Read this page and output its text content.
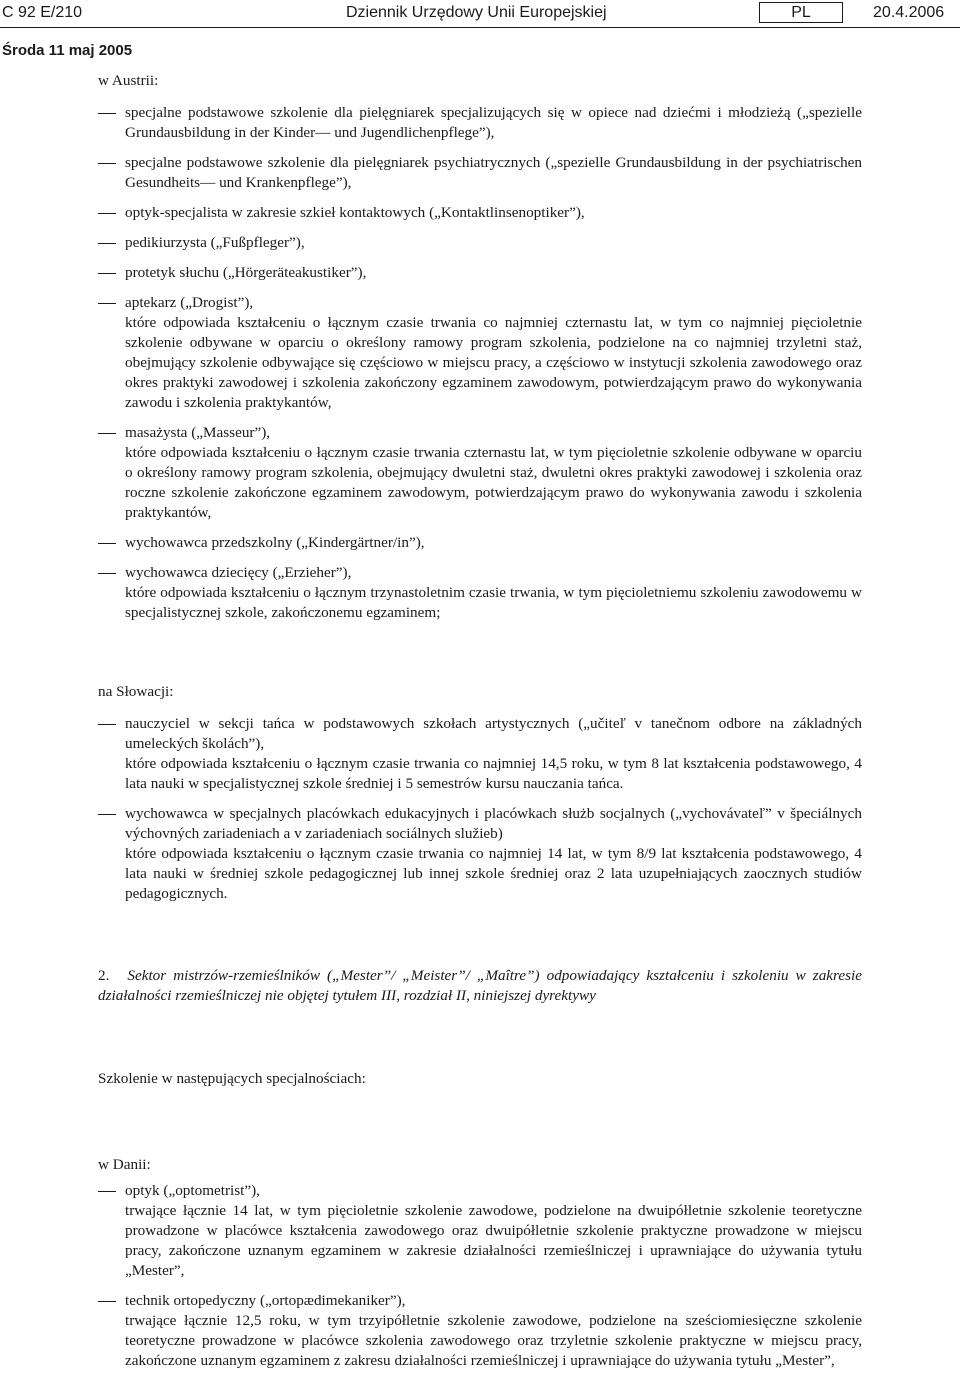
C 92 E/210	Dziennik Urzędowy Unii Europejskiej	PL	20.4.2006
Środa 11 maj 2005
w Austrii:
specjalne podstawowe szkolenie dla pielęgniarek specjalizujących się w opiece nad dziećmi i młodzieżą („spezielle Grundausbildung in der Kinder— und Jugendlichenpflege”),
specjalne podstawowe szkolenie dla pielęgniarek psychiatrycznych („spezielle Grundausbildung in der psychiatrischen Gesundheits— und Krankenpflege”),
optyk-specjalista w zakresie szkieł kontaktowych („Kontaktlinsenoptiker”),
pedikiurzysta („Fußpfleger”),
protetyk słuchu („Hörgeräteakustiker”),
aptekarz („Drogist”),
które odpowiada kształceniu o łącznym czasie trwania co najmniej czternastu lat, w tym co najmniej pięcioletnie szkolenie odbywane w oparciu o określony ramowy program szkolenia, podzielone na co najmniej trzyletni staż, obejmujący szkolenie odbywające się częściowo w miejscu pracy, a częściowo w instytucji szkolenia zawodowego oraz okres praktyki zawodowej i szkolenia zakończony egzaminem zawodowym, potwierdzającym prawo do wykonywania zawodu i szkolenia praktykantów,
masażysta („Masseur”),
które odpowiada kształceniu o łącznym czasie trwania czternastu lat, w tym pięcioletnie szkolenie odbywane w oparciu o określony ramowy program szkolenia, obejmujący dwuletni staż, dwuletni okres praktyki zawodowej i szkolenia oraz roczne szkolenie zakończone egzaminem zawodowym, potwierdzającym prawo do wykonywania zawodu i szkolenia praktykantów,
wychowawca przedszkolny („Kindergärtner/in”),
wychowawca dziecięcy („Erzieher”),
które odpowiada kształceniu o łącznym trzynastoletnim czasie trwania, w tym pięcioletniemu szkoleniu zawodowemu w specjalistycznej szkole, zakończonemu egzaminem;
na Słowacji:
nauczyciel w sekcji tańca w podstawowych szkołach artystycznych („učiteľ v tanečnom odbore na základných umeleckých školách”),
które odpowiada kształceniu o łącznym czasie trwania co najmniej 14,5 roku, w tym 8 lat kształcenia podstawowego, 4 lata nauki w specjalistycznej szkole średniej i 5 semestrów kursu nauczania tańca.
wychowawca w specjalnych placówkach edukacyjnych i placówkach służb socjalnych („vychovávateľ” v špeciálnych výchovných zariadeniach a v zariadeniach sociálnych služieb)
które odpowiada kształceniu o łącznym czasie trwania co najmniej 14 lat, w tym 8/9 lat kształcenia podstawowego, 4 lata nauki w średniej szkole pedagogicznej lub innej szkole średniej oraz 2 lata uzupełniających zaocznych studiów pedagogicznych.
2. Sektor mistrzów-rzemieślników („Mester”/ „Meister”/ „Maître”) odpowiadający kształceniu i szkoleniu w zakresie działalności rzemieślniczej nie objętej tytułem III, rozdział II, niniejszej dyrektywy
Szkolenie w następujących specjalnościach:
w Danii:
optyk („optometrist”),
trwające łącznie 14 lat, w tym pięcioletnie szkolenie zawodowe, podzielone na dwuipółletnie szkolenie teoretyczne prowadzone w placówce kształcenia zawodowego oraz dwuipółletnie szkolenie praktyczne prowadzone w miejscu pracy, zakończone uznanym egzaminem w zakresie działalności rzemieślniczej i uprawniające do używania tytułu „Mester”,
technik ortopedyczny („ortopædimekaniker”),
trwające łącznie 12,5 roku, w tym trzyipółletnie szkolenie zawodowe, podzielone na sześciomiesięczne szkolenie teoretyczne prowadzone w placówce szkolenia zawodowego oraz trzyletnie szkolenie praktyczne w miejscu pracy, zakończone uznanym egzaminem z zakresu działalności rzemieślniczej i uprawniające do używania tytułu „Mester”,
